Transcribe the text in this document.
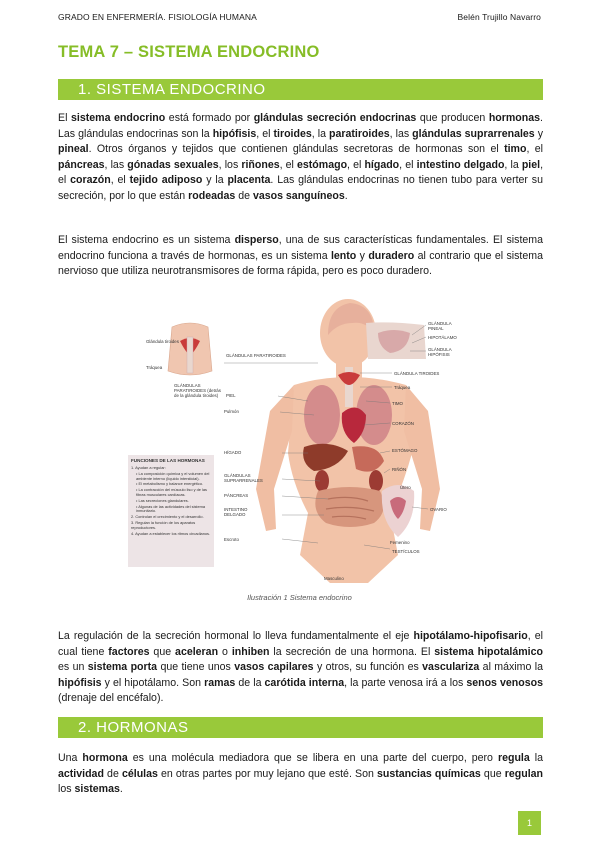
GRADO EN ENFERMERÍA. FISIOLOGÍA HUMANA	Belén Trujillo Navarro
TEMA 7 – SISTEMA ENDOCRINO
1. SISTEMA ENDOCRINO
El sistema endocrino está formado por glándulas secreción endocrinas que producen hormonas. Las glándulas endocrinas son la hipófisis, el tiroides, la paratiroides, las glándulas suprarrenales y pineal. Otros órganos y tejidos que contienen glándulas secretoras de hormonas son el timo, el páncreas, las gónadas sexuales, los riñones, el estómago, el hígado, el intestino delgado, la piel, el corazón, el tejido adiposo y la placenta. Las glándulas endocrinas no tienen tubo para verter su secreción, por lo que están rodeadas de vasos sanguíneos.
El sistema endocrino es un sistema disperso, una de sus características fundamentales. El sistema endocrino funciona a través de hormonas, es un sistema lento y duradero al contrario que el sistema nervioso que utiliza neurotransmisores de forma rápida, pero es poco duradero.
Glándula tiroides
Tráquea
GLÁNDULAS PARATIROIDES
GLÁNDULAS PARATIROIDES (detrás de la glándula tiroides)	PIEL
Pulmón
HÍGADO
GLÁNDULAS SUPRARRENALES
PÁNCREAS
INTESTINO DELGADO
Escroto
Masculino
GLÁNDULA PINEAL
HIPOTÁLAMO
GLÁNDULA HIPÓFISIS
GLÁNDULA TIROIDES
Tráquea
TIMO
CORAZÓN
ESTÓMAGO
RIÑÓN
Útero
OVARIO
Femenino
TESTÍCULOS
FUNCIONES DE LAS HORMONAS
1. Ayudan a regular:
• La composición química y el volumen del ambiente interno (líquido intersticial).
• El metabolismo y balance energético.
• La contracción del músculo liso y de las fibras musculares cardíacas.
• Las secreciones glandulares.
• Algunas de las actividades del sistema inmunitario.
2. Controlan el crecimiento y el desarrollo.
3. Regulan la función de los aparatos reproductores.
4. Ayudan a establecer los ritmos circadianos.
Ilustración 1 Sistema endocrino
La regulación de la secreción hormonal lo lleva fundamentalmente el eje hipotálamo-hipofisario, el cual tiene factores que aceleran o inhiben la secreción de una hormona. El sistema hipotalámico es un sistema porta que tiene unos vasos capilares y otros, su función es vasculariza al máximo la hipófisis y el hipotálamo. Son ramas de la carótida interna, la parte venosa irá a los senos venosos (drenaje del encéfalo).
2. HORMONAS
Una hormona es una molécula mediadora que se libera en una parte del cuerpo, pero regula la actividad de células en otras partes por muy lejano que esté. Son sustancias químicas que regulan los sistemas.
1
